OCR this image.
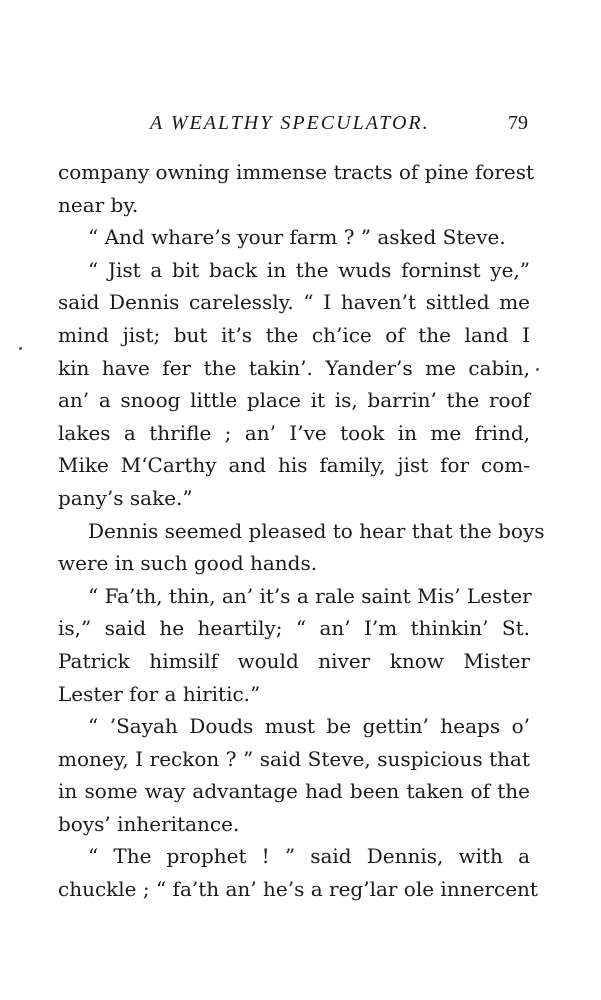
A WEALTHY SPECULATOR.	79
company owning immense tracts of pine forest
near by.
“ And whare’s your farm ? ” asked Steve.
“ Jist a bit back in the wuds forninst ye,”
said Dennis carelessly. “ I haven’t sittled me
mind jist; but it’s the ch’ice of the land I
kin have fer the takin’. Yander’s me cabin,
an’ a snoog little place it is, barrin’ the roof
lakes a thrifle ; an’ I’ve took in me frind,
Mike M‘Carthy and his family, jist for com-
pany’s sake.”
Dennis seemed pleased to hear that the boys
were in such good hands.
“ Fa’th, thin, an’ it’s a rale saint Mis’ Lester
is,” said he heartily; “ an’ I’m thinkin’ St.
Patrick himsilf would niver know Mister
Lester for a hiritic.”
“ ’Sayah Douds must be gettin’ heaps o’
money, I reckon ? ” said Steve, suspicious that
in some way advantage had been taken of the
boys’ inheritance.
“ The prophet ! ” said Dennis, with a
chuckle ; “ fa’th an’ he’s a reg’lar ole innercent
